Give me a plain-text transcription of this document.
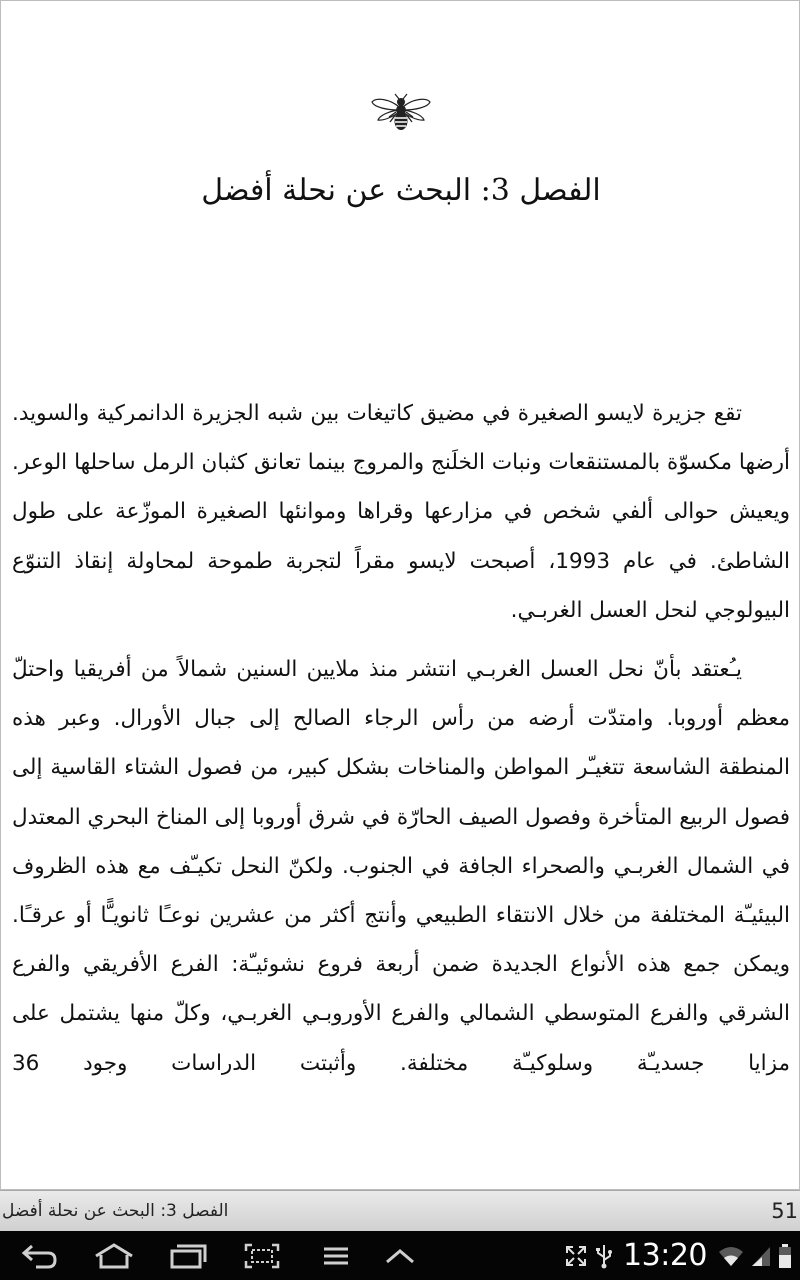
الفصل 3: البحث عن نحلة أفضل

تقع جزيرة لايسو الصغيرة في مضيق كاتيغات بين شبه الجزيرة الدانمركية والسويد. أرضها مكسوّة بالمستنقعات ونبات الخلَنج والمروج بينما تعانق كثبان الرمل ساحلها الوعر. ويعيش حوالى ألفي شخص في مزارعها وقراها وموانئها الصغيرة الموزّعة على طول الشاطئ. في عام 1993، أصبحت لايسو مقراً لتجربة طموحة لمحاولة إنقاذ التنوّع البيولوجي لنحل العسل الغربـي.

يـُعتقد بأنّ نحل العسل الغربـي انتشر منذ ملايين السنين شمالاً من أفريقيا واحتلّ معظم أوروبا. وامتدّت أرضه من رأس الرجاء الصالح إلى جبال الأورال. وعبر هذه المنطقة الشاسعة تتغيـّر المواطن والمناخات بشكل كبير، من فصول الشتاء القاسية إلى فصول الربيع المتأخرة وفصول الصيف الحارّة في شرق أوروبا إلى المناخ البحري المعتدل في الشمال الغربـي والصحراء الجافة في الجنوب. ولكنّ النحل تكيـّف مع هذه الظروف البيئيـّة المختلفة من خلال الانتقاء الطبيعي وأنتج أكثر من عشرين نوعـًا ثانويـًّا أو عرقـًا. ويمكن جمع هذه الأنواع الجديدة ضمن أربعة فروع نشوئيـّة: الفرع الأفريقي والفرع الشرقي والفرع المتوسطي الشمالي والفرع الأوروبـي الغربـي، وكلّ منها يشتمل على مزايا جسديـّة وسلوكيـّة مختلفة. وأثبتت الدراسات وجود 36

الفصل 3: البحث عن نحلة أفضل	51
13:20
